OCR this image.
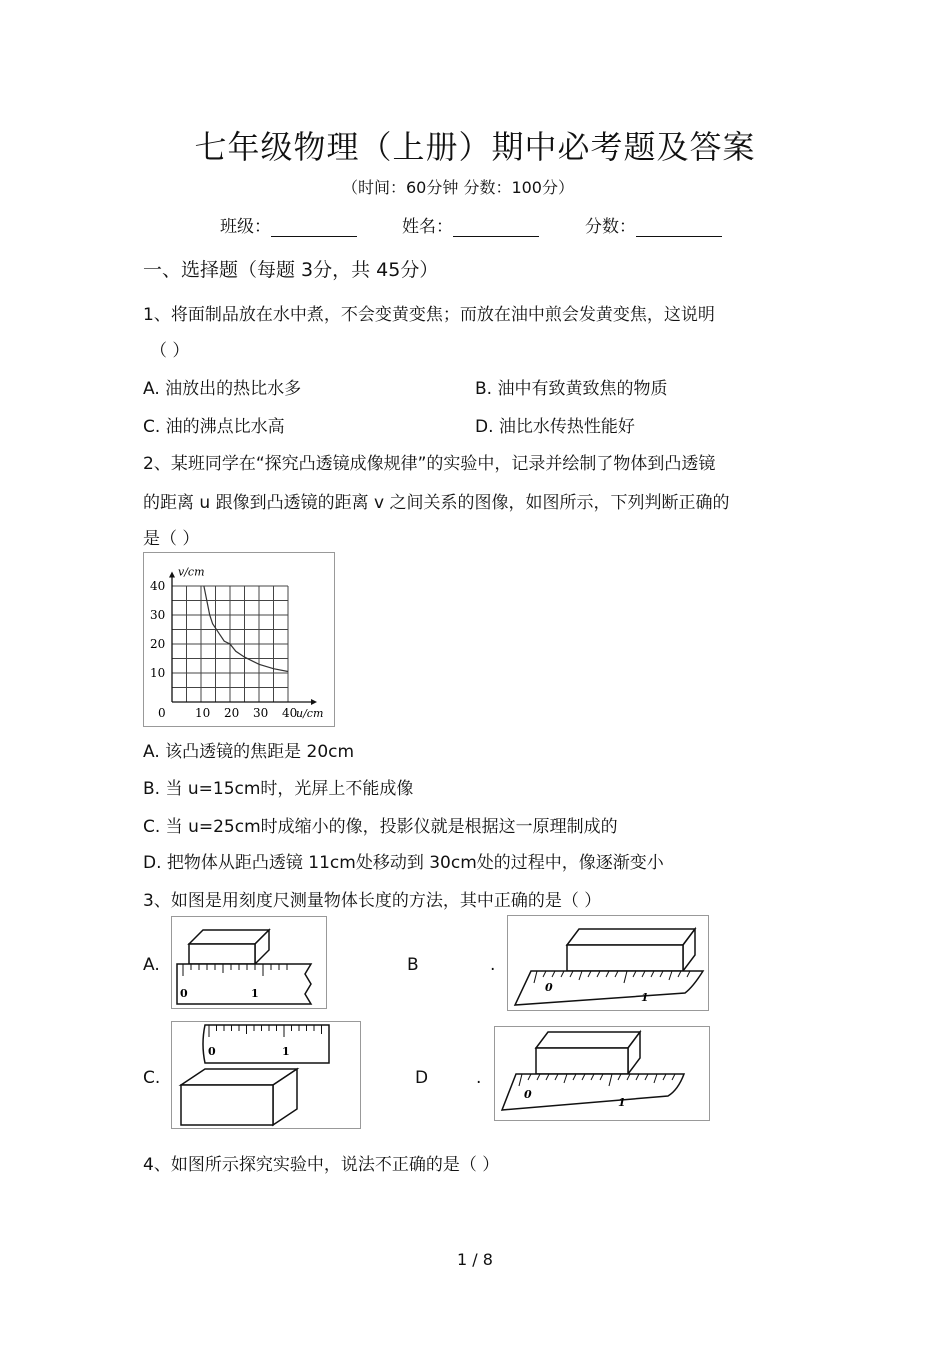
七年级物理（上册）期中必考题及答案
（时间：60分钟 分数：100分）
班级：	姓名：	分数：
一、选择题（每题 3分，共 45分）
1、将面制品放在水中煮，不会变黄变焦；而放在油中煎会发黄变焦，这说明
（ ）
A. 油放出的热比水多	B. 油中有致黄致焦的物质
C. 油的沸点比水高	D. 油比水传热性能好
2、某班同学在“探究凸透镜成像规律”的实验中，记录并绘制了物体到凸透镜
的距离 u 跟像到凸透镜的距离 v 之间关系的图像，如图所示，下列判断正确的
是（ ）
0 10 20 30 40
10
20
30
40
v/cm
u/cm
A. 该凸透镜的焦距是 20cm
B. 当 u=15cm时，光屏上不能成像
C. 当 u=25cm时成缩小的像，投影仪就是根据这一原理制成的
D. 把物体从距凸透镜 11cm处移动到 30cm处的过程中，像逐渐变小
3、如图是用刻度尺测量物体长度的方法，其中正确的是（ ）
A.
0	1
B	.
0
1
C.
0	1
D	.
0
1
4、如图所示探究实验中，说法不正确的是（ ）
1 / 8
